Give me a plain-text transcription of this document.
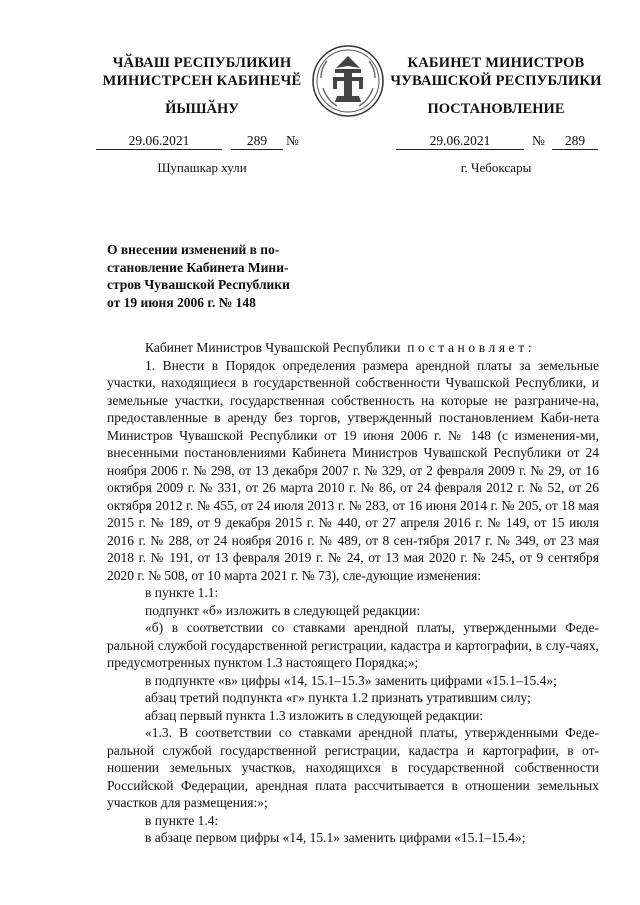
ЧӐВАШ РЕСПУБЛИКИН
МИНИСТРСЕН КАБИНЕЧӖ
КАБИНЕТ МИНИСТРОВ
ЧУВАШСКОЙ РЕСПУБЛИКИ
ЙЫШӐНУ	ПОСТАНОВЛЕНИЕ
29.06.2021	289	№	29.06.2021	№	289
Шупашкар хули	г. Чебоксары
О внесении изменений в по-
становление Кабинета Мини-
стров Чувашской Республики
от 19 июня 2006 г. № 148

Кабинет Министров Чувашской Республики постановляет:

1. Внести в Порядок определения размера арендной платы за земельные участки, находящиеся в государственной собственности Чувашской Республики, и земельные участки, государственная собственность на которые не разграниче-на, предоставленные в аренду без торгов, утвержденный постановлением Каби-нета Министров Чувашской Республики от 19 июня 2006 г. № 148 (с изменения-ми, внесенными постановлениями Кабинета Министров Чувашской Республики от 24 ноября 2006 г. № 298, от 13 декабря 2007 г. № 329, от 2 февраля 2009 г. № 29, от 16 октября 2009 г. № 331, от 26 марта 2010 г. № 86, от 24 февраля 2012 г. № 52, от 26 октября 2012 г. № 455, от 24 июля 2013 г. № 283, от 16 июня 2014 г. № 205, от 18 мая 2015 г. № 189, от 9 декабря 2015 г. № 440, от 27 апреля 2016 г. № 149, от 15 июля 2016 г. № 288, от 24 ноября 2016 г. № 489, от 8 сен-тября 2017 г. № 349, от 23 мая 2018 г. № 191, от 13 февраля 2019 г. № 24, от 13 мая 2020 г. № 245, от 9 сентября 2020 г. № 508, от 10 марта 2021 г. № 73), сле-дующие изменения:

в пункте 1.1:

подпункт «б» изложить в следующей редакции:

«б) в соответствии со ставками арендной платы, утвержденными Феде-ральной службой государственной регистрации, кадастра и картографии, в слу-чаях, предусмотренных пунктом 1.3 настоящего Порядка;»;

в подпункте «в» цифры «14, 15.1–15.3» заменить цифрами «15.1–15.4»;

абзац третий подпункта «г» пункта 1.2 признать утратившим силу;

абзац первый пункта 1.3 изложить в следующей редакции:

«1.3. В соответствии со ставками арендной платы, утвержденными Феде-ральной службой государственной регистрации, кадастра и картографии, в от-ношении земельных участков, находящихся в государственной собственности Российской Федерации, арендная плата рассчитывается в отношении земельных участков для размещения:»;

в пункте 1.4:

в абзаце первом цифры «14, 15.1» заменить цифрами «15.1–15.4»;
